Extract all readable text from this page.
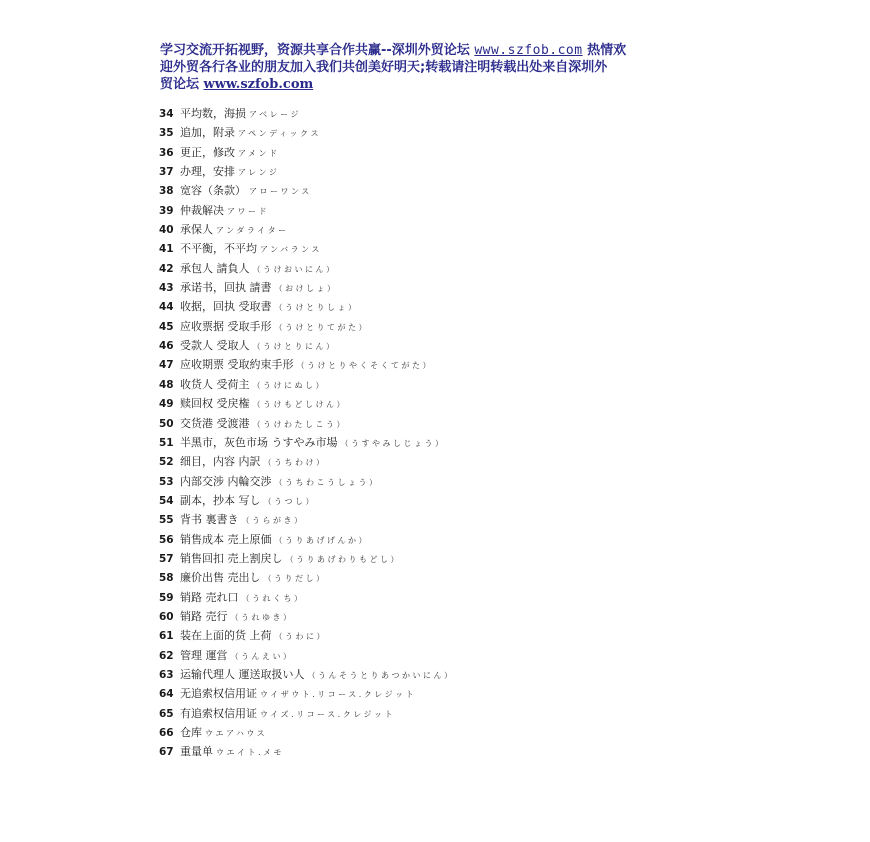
学习交流开拓视野，资源共享合作共赢--深圳外贸论坛 www.szfob.com 热情欢
迎外贸各行各业的朋友加入我们共创美好明天;转载请注明转载出处来自深圳外
贸论坛 www.szfob.com
34 平均数，海损 アベレージ
35 追加，附录 アペンディックス
36 更正，修改 アメンド
37 办理，安排 アレンジ
38 宽容（条款） アローワンス
39 仲裁解决 アワード
40 承保人 アンダライター
41 不平衡，不平均 アンバランス
42 承包人 請負人 （うけおいにん）
43 承诺书，回执 請書 （おけしょ）
44 收据，回执 受取書 （うけとりしょ）
45 应收票据 受取手形 （うけとりてがた）
46 受款人 受取人 （うけとりにん）
47 应收期票 受取約束手形 （うけとりやくそくてがた）
48 收货人 受荷主 （うけにぬし）
49 赎回权 受戻権 （うけもどしけん）
50 交货港 受渡港 （うけわたしこう）
51 半黑市，灰色市场 うすやみ市場 （うすやみしじょう）
52 细目，内容 内訳 （うちわけ）
53 内部交涉 内輪交渉 （うちわこうしょう）
54 副本，抄本 写し （うつし）
55 背书 裏書き （うらがき）
56 销售成本 売上原価 （うりあげげんか）
57 销售回扣 売上割戻し （うりあげわりもどし）
58 廉价出售 売出し （うりだし）
59 销路 売れ口 （うれくち）
60 销路 売行 （うれゆき）
61 装在上面的货 上荷 （うわに）
62 管理 運営 （うんえい）
63 运输代理人 運送取扱い人 （うんそうとりあつかいにん）
64 无追索权信用证 ウイザウト.リコース.クレジット
65 有追索权信用证 ウイズ.リコース.クレジット
66 仓库 ウエアハウス
67 重量单 ウエイト.メモ
